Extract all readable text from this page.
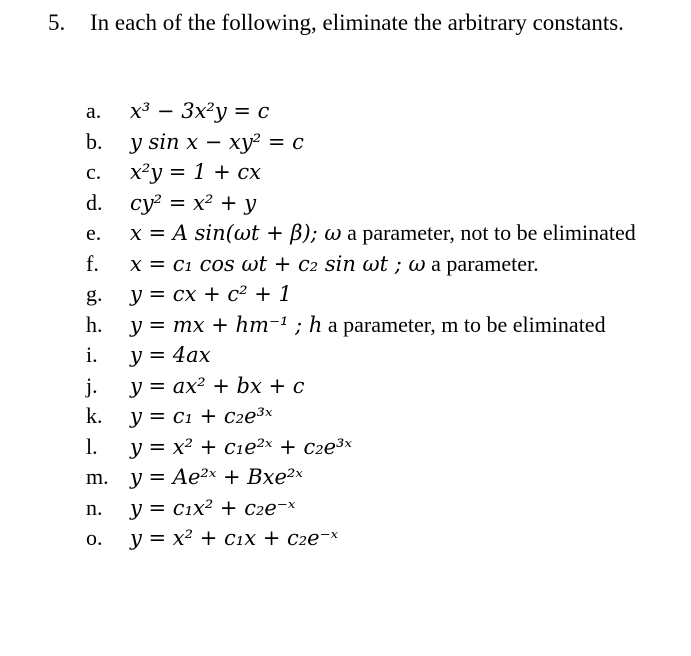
5. In each of the following, eliminate the arbitrary constants.
a.	x³ − 3x²y = c
b.	y sin x − xy² = c
c.	x²y = 1 + cx
d.	cy² = x² + y
e.	x = A sin(ωt + β); ω a parameter, not to be eliminated
f.	x = c₁ cos ωt + c₂ sin ωt ; ω a parameter.
g.	y = cx + c² + 1
h.	y = mx + hm⁻¹ ; h a parameter, m to be eliminated
i.	y = 4ax
j.	y = ax² + bx + c
k.	y = c₁ + c₂e³ˣ
l.	y = x² + c₁e²ˣ + c₂e³ˣ
m.	y = Ae²ˣ + Bxe²ˣ
n.	y = c₁x² + c₂e⁻ˣ
o.	y = x² + c₁x + c₂e⁻ˣ
